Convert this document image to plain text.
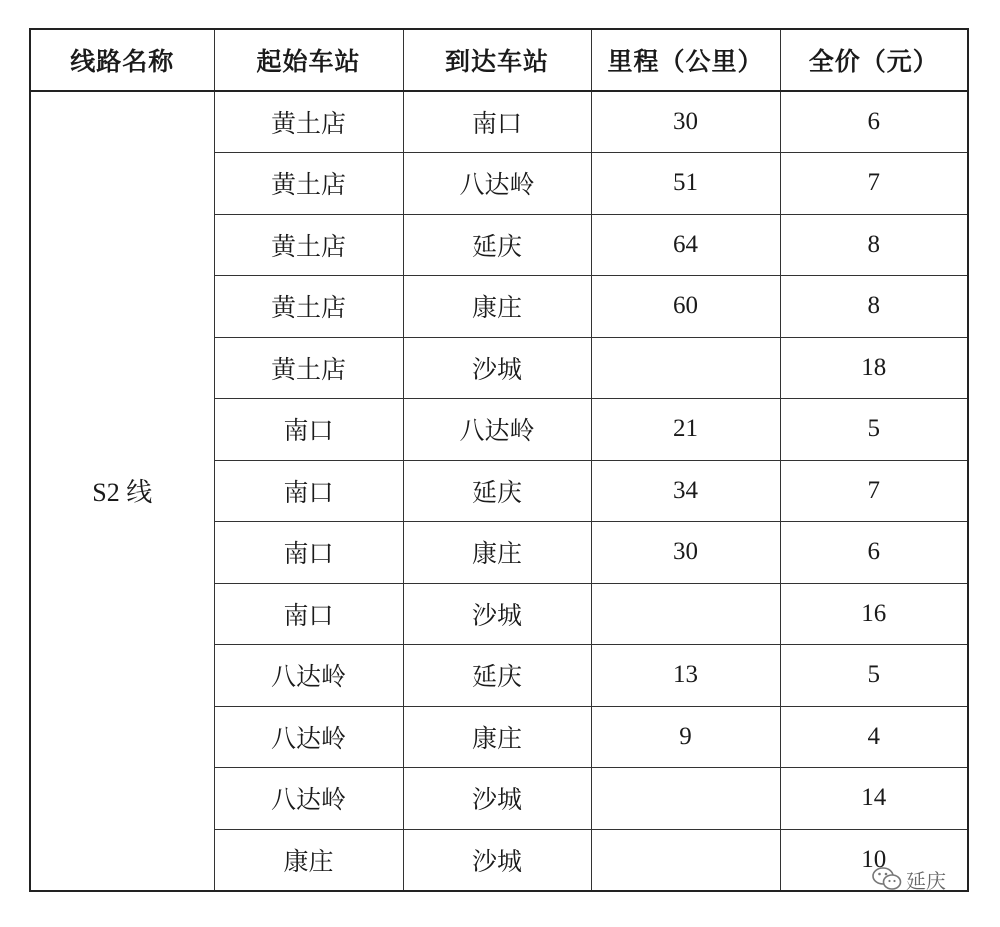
线路名称	起始车站	到达车站	里程（公里）	全价（元）
S2 线	黄土店	南口	30	6
	黄土店	八达岭	51	7
	黄土店	延庆	64	8
	黄土店	康庄	60	8
	黄土店	沙城		18
	南口	八达岭	21	5
	南口	延庆	34	7
	南口	康庄	30	6
	南口	沙城		16
	八达岭	延庆	13	5
	八达岭	康庄	9	4
	八达岭	沙城		14
	康庄	沙城		10
延庆
